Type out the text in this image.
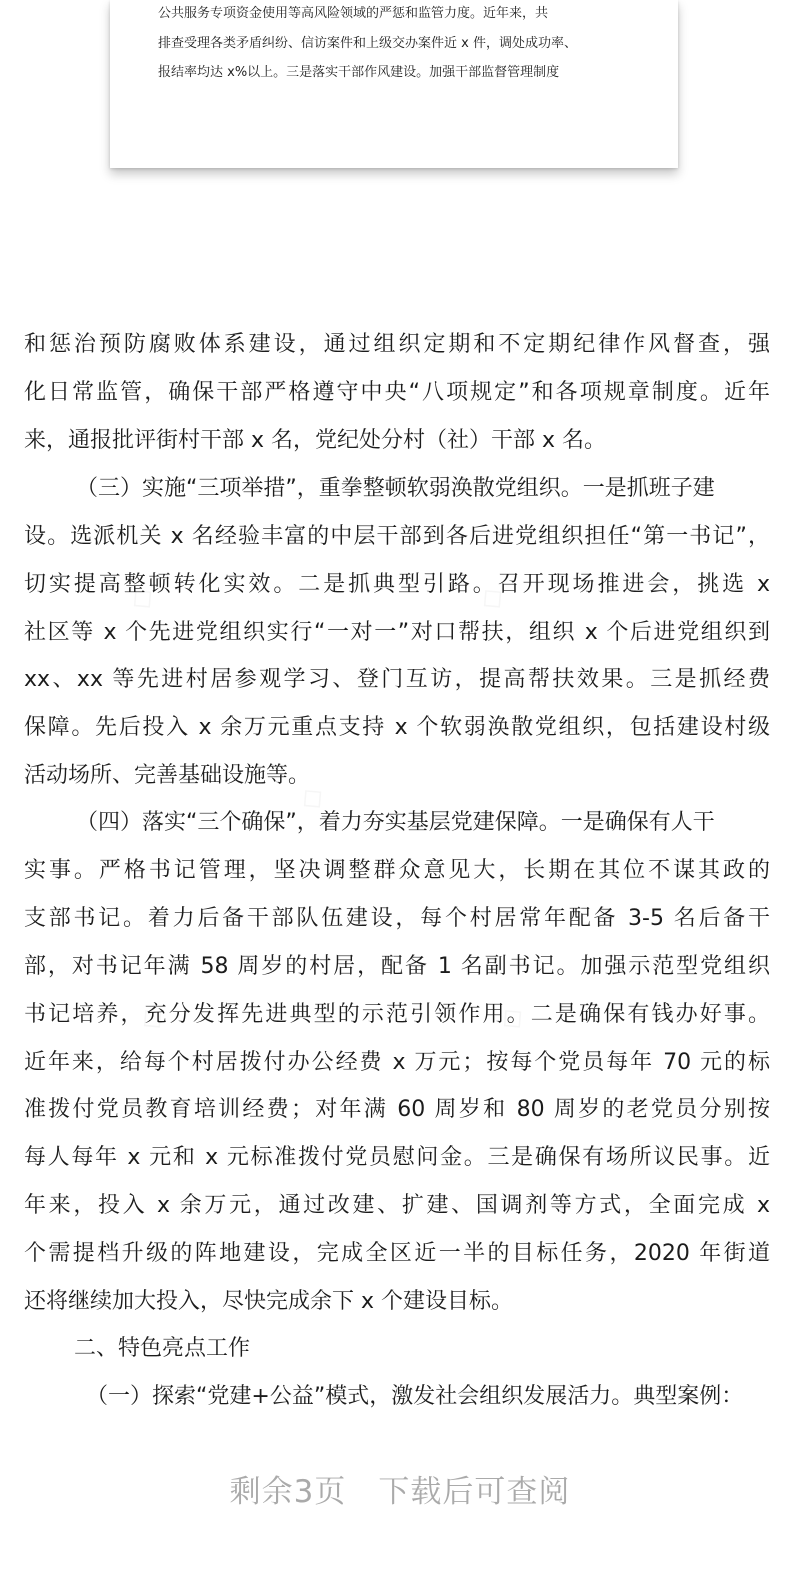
公共服务专项资金使用等高风险领域的严惩和监管力度。近年来，共
排查受理各类矛盾纠纷、信访案件和上级交办案件近 x 件，调处成功率、
报结率均达 x%以上。三是落实干部作风建设。加强干部监督管理制度
和惩治预防腐败体系建设，通过组织定期和不定期纪律作风督查，强
化日常监管，确保干部严格遵守中央“八项规定”和各项规章制度。近年
来，通报批评街村干部 x 名，党纪处分村（社）干部 x 名。
（三）实施“三项举措”，重拳整顿软弱涣散党组织。一是抓班子建
设。选派机关 x 名经验丰富的中层干部到各后进党组织担任“第一书记”，
切实提高整顿转化实效。二是抓典型引路。召开现场推进会，挑选 x
社区等 x 个先进党组织实行“一对一”对口帮扶，组织 x 个后进党组织到
xx、xx 等先进村居参观学习、登门互访，提高帮扶效果。三是抓经费
保障。先后投入 x 余万元重点支持 x 个软弱涣散党组织，包括建设村级
活动场所、完善基础设施等。
（四）落实“三个确保”，着力夯实基层党建保障。一是确保有人干
实事。严格书记管理，坚决调整群众意见大，长期在其位不谋其政的
支部书记。着力后备干部队伍建设，每个村居常年配备 3-5 名后备干
部，对书记年满 58 周岁的村居，配备 1 名副书记。加强示范型党组织
书记培养，充分发挥先进典型的示范引领作用。二是确保有钱办好事。
近年来，给每个村居拨付办公经费 x 万元；按每个党员每年 70 元的标
准拨付党员教育培训经费；对年满 60 周岁和 80 周岁的老党员分别按
每人每年 x 元和 x 元标准拨付党员慰问金。三是确保有场所议民事。近
年来，投入 x 余万元，通过改建、扩建、国调剂等方式，全面完成 x
个需提档升级的阵地建设，完成全区近一半的目标任务，2020 年街道
还将继续加大投入，尽快完成余下 x 个建设目标。
二、特色亮点工作
（一）探索“党建+公益”模式，激发社会组织发展活力。典型案例：
剩余3页 下载后可查阅
